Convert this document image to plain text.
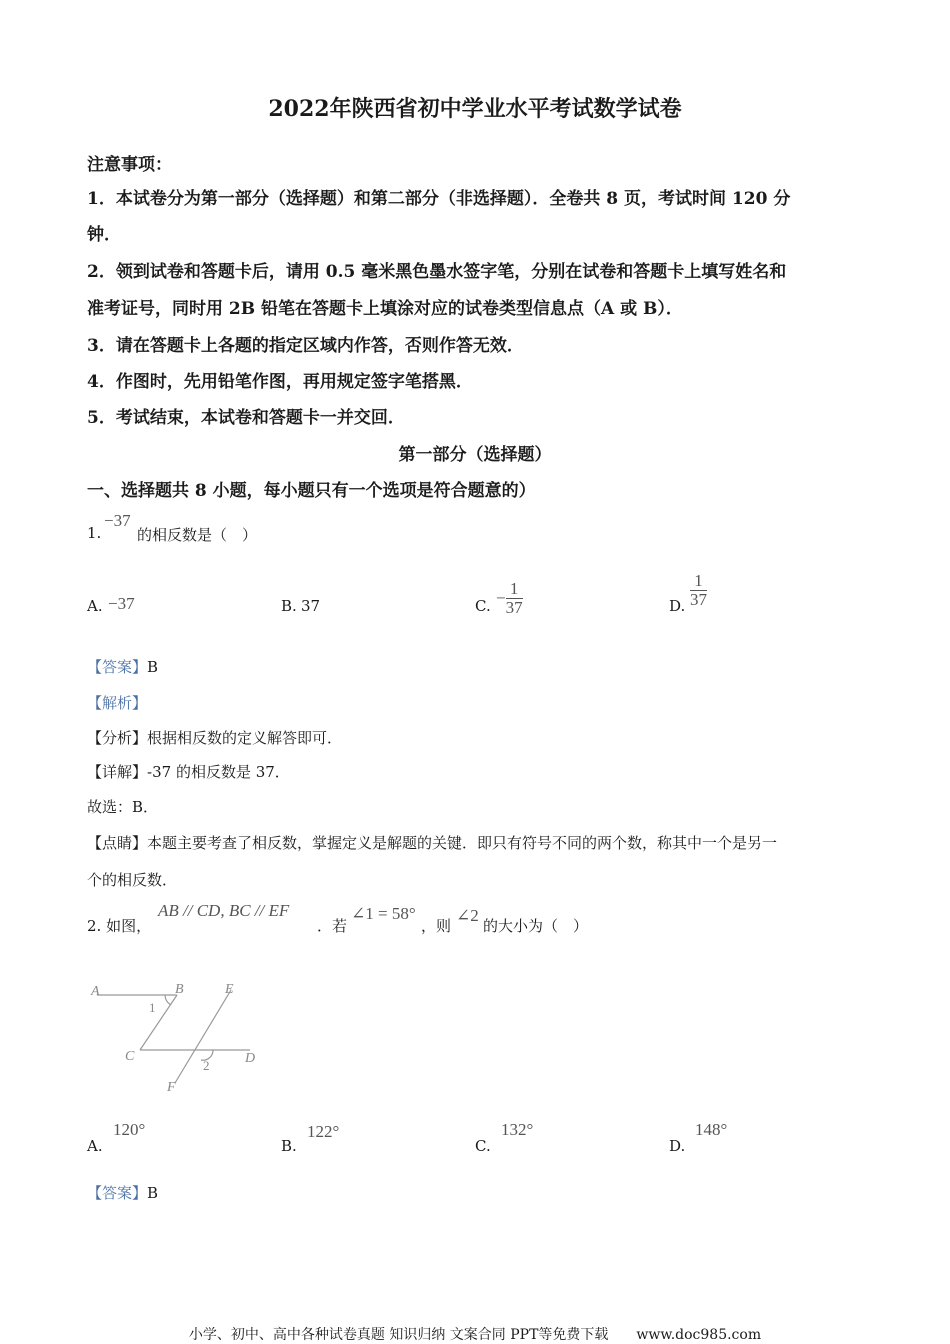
2022年陕西省初中学业水平考试数学试卷
注意事项：
1．本试卷分为第一部分（选择题）和第二部分（非选择题）．全卷共 8 页，考试时间 120 分
钟．
2．领到试卷和答题卡后，请用 0.5 毫米黑色墨水签字笔，分别在试卷和答题卡上填写姓名和
准考证号，同时用 2B 铅笔在答题卡上填涂对应的试卷类型信息点（A 或 B）．
3．请在答题卡上各题的指定区域内作答，否则作答无效．
4．作图时，先用铅笔作图，再用规定签字笔搭黑．
5．考试结束，本试卷和答题卡一并交回．
第一部分（选择题）
一、选择题共 8 小题，每小题只有一个选项是符合题意的）
1.
−37
的相反数是（　）
A. −37	B. 37	C. − $\frac{1}{37}$	D. $\frac{1}{37}$
【答案】B
【解析】
【分析】根据相反数的定义解答即可．
【详解】-37 的相反数是 37．
故选：B．
【点睛】本题主要考查了相反数，掌握定义是解题的关键．即只有符号不同的两个数，称其中一个是另一
个的相反数．
2. 如图，
AB // CD, BC // EF
．若
∠1 = 58°
，则
∠2
的大小为（　）
A	B	E
C	D
F
1
2
A.
120°
B.
122°
C.
132°
D.
148°
【答案】B
小学、初中、高中各种试卷真题 知识归纳 文案合同 PPT等免费下载　　www.doc985.com
